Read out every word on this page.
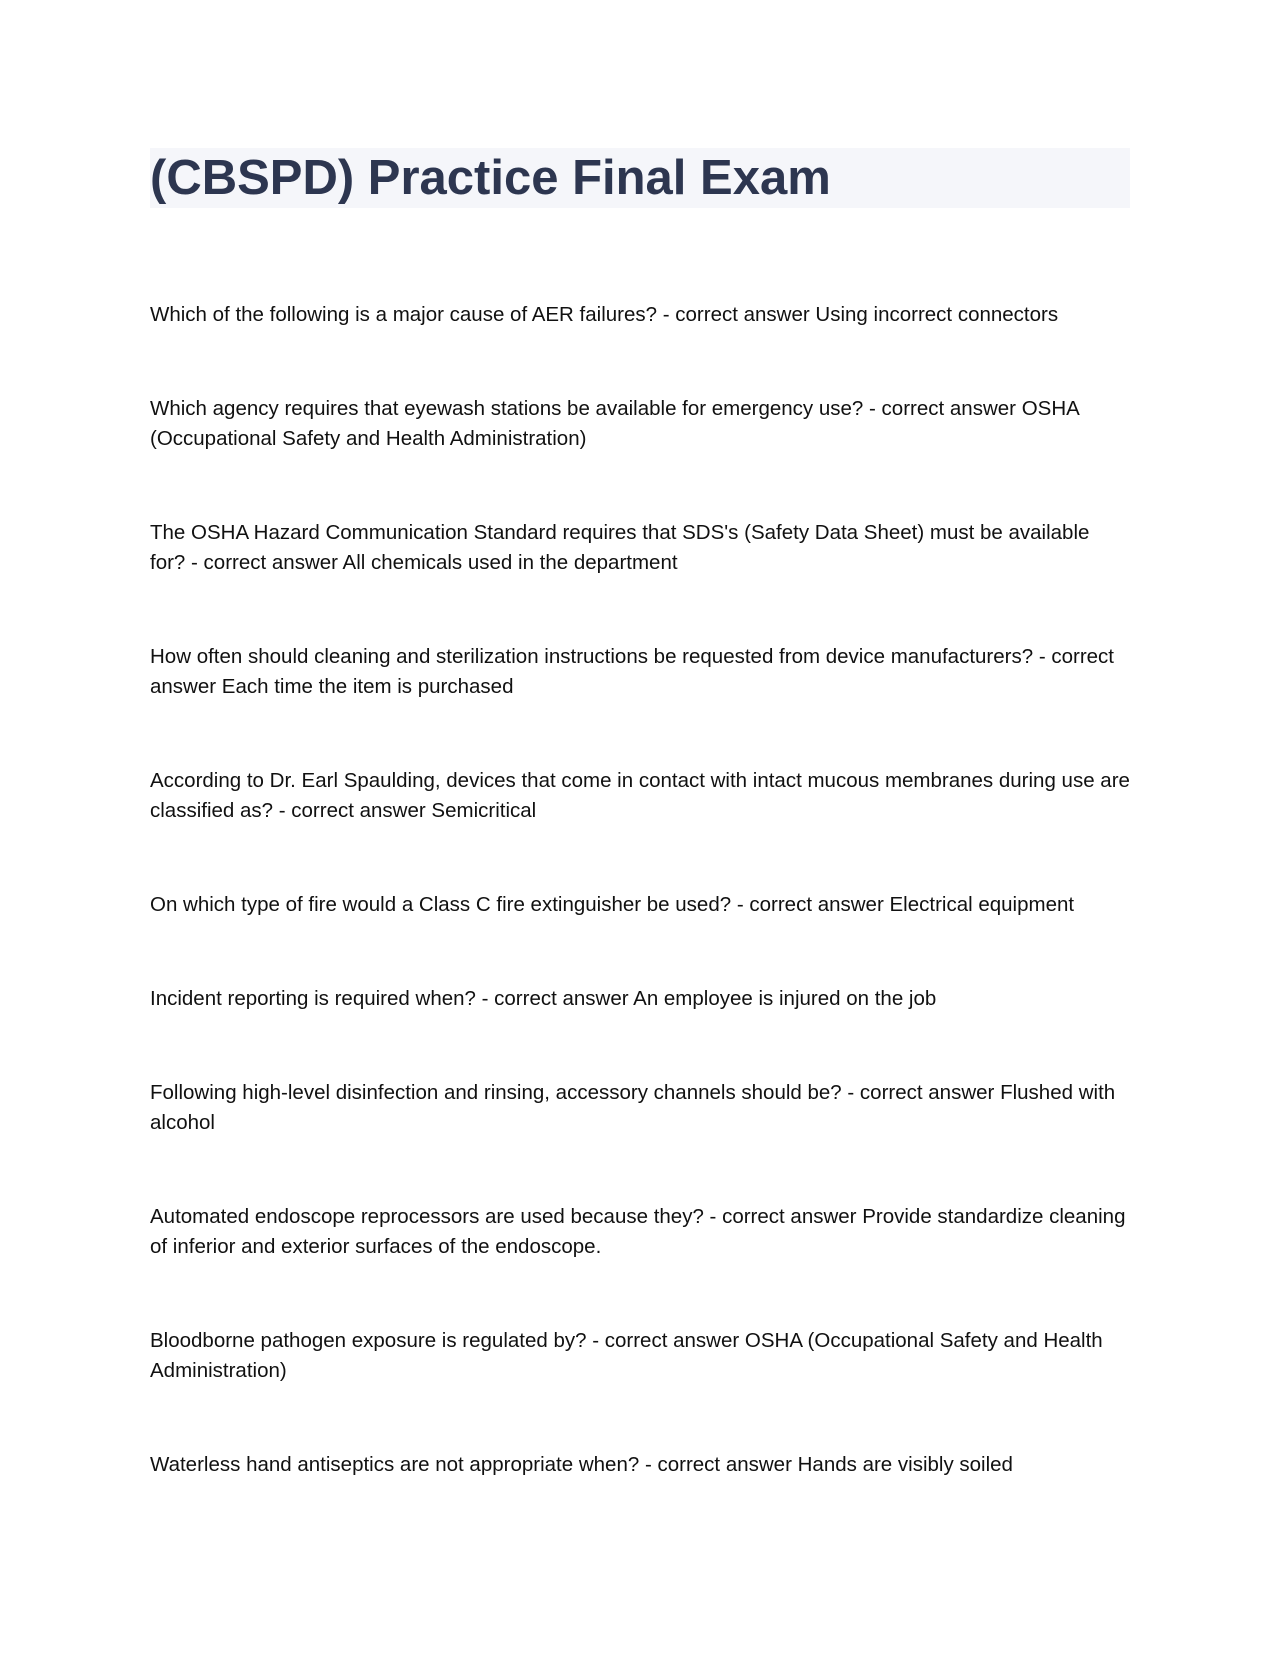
(CBSPD) Practice Final Exam
Which of the following is a major cause of AER failures? - correct answer Using incorrect connectors
Which agency requires that eyewash stations be available for emergency use? - correct answer OSHA (Occupational Safety and Health Administration)
The OSHA Hazard Communication Standard requires that SDS's (Safety Data Sheet) must be available for? - correct answer All chemicals used in the department
How often should cleaning and sterilization instructions be requested from device manufacturers? - correct answer Each time the item is purchased
According to Dr. Earl Spaulding, devices that come in contact with intact mucous membranes during use are classified as? - correct answer Semicritical
On which type of fire would a Class C fire extinguisher be used? - correct answer Electrical equipment
Incident reporting is required when? - correct answer An employee is injured on the job
Following high-level disinfection and rinsing, accessory channels should be? - correct answer Flushed with alcohol
Automated endoscope reprocessors are used because they? - correct answer Provide standardize cleaning of inferior and exterior surfaces of the endoscope.
Bloodborne pathogen exposure is regulated by? - correct answer OSHA (Occupational Safety and Health Administration)
Waterless hand antiseptics are not appropriate when? - correct answer Hands are visibly soiled
